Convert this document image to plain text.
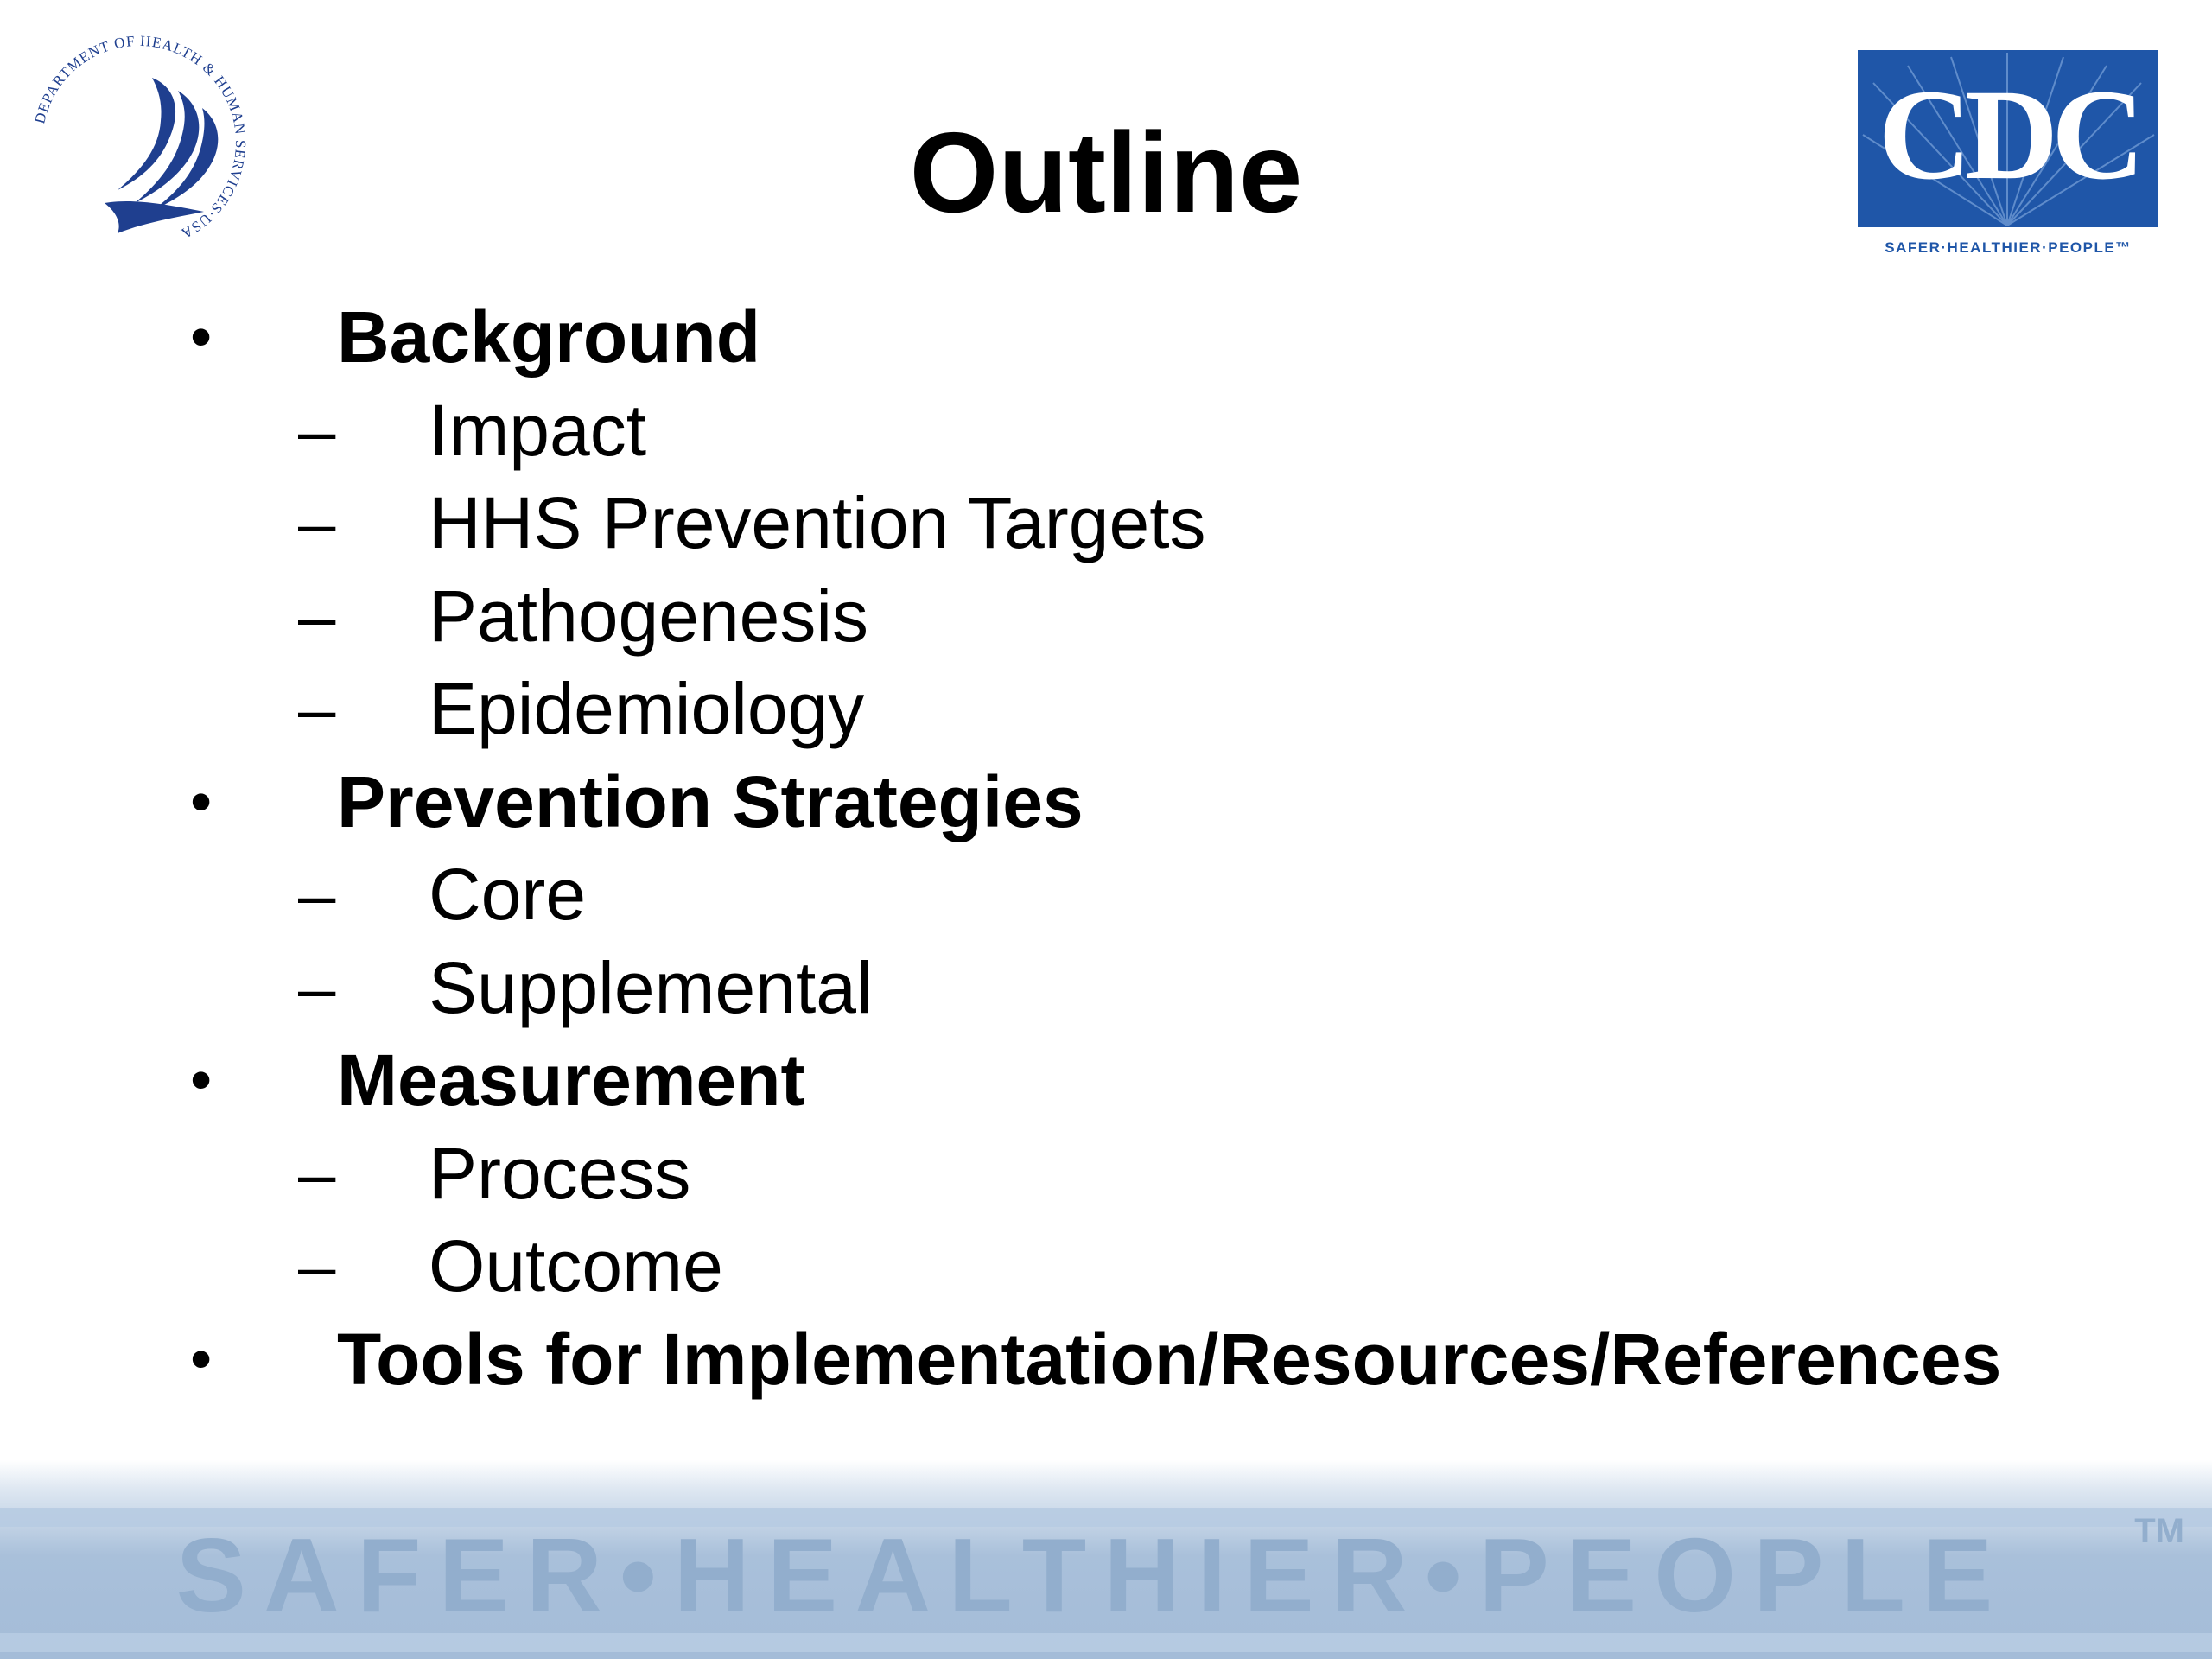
DEPARTMENT OF HEALTH & HUMAN SERVICES·USA
CDC
SAFER·HEALTHIER·PEOPLE™
Outline
• Background
– Impact
– HHS Prevention Targets
– Pathogenesis
– Epidemiology
• Prevention Strategies
– Core
– Supplemental
• Measurement
– Process
– Outcome
• Tools for Implementation/Resources/References
SAFER•HEALTHIER•PEOPLE	TM
